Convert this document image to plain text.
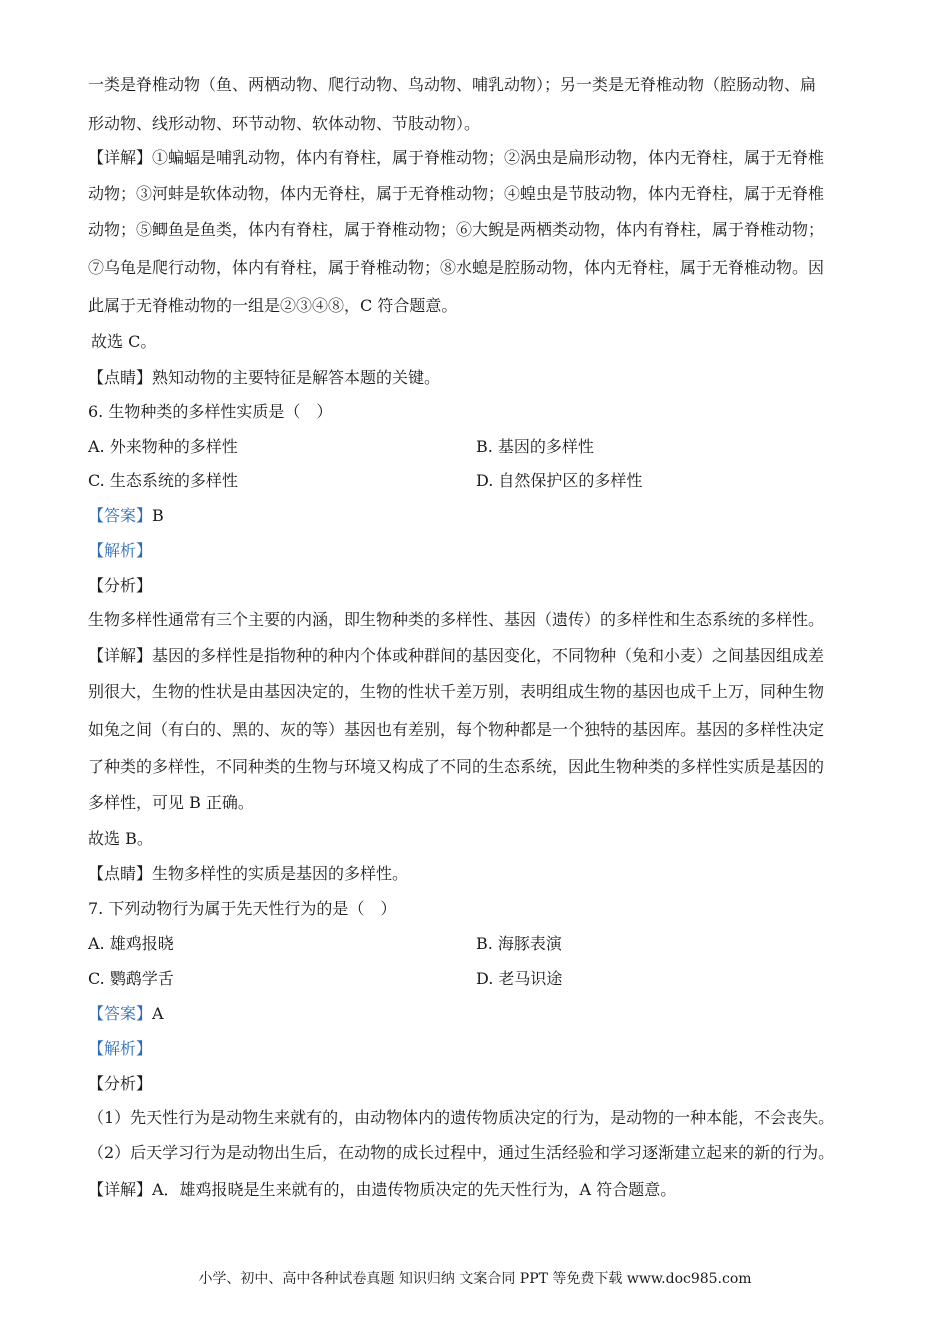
一类是脊椎动物（鱼、两栖动物、爬行动物、鸟动物、哺乳动物）；另一类是无脊椎动物（腔肠动物、扁
形动物、线形动物、环节动物、软体动物、节肢动物）。
【详解】①蝙蝠是哺乳动物，体内有脊柱，属于脊椎动物；②涡虫是扁形动物，体内无脊柱，属于无脊椎
动物；③河蚌是软体动物，体内无脊柱，属于无脊椎动物；④蝗虫是节肢动物，体内无脊柱，属于无脊椎
动物；⑤鲫鱼是鱼类，体内有脊柱，属于脊椎动物；⑥大鲵是两栖类动物，体内有脊柱，属于脊椎动物；
⑦乌龟是爬行动物，体内有脊柱，属于脊椎动物；⑧水螅是腔肠动物，体内无脊柱，属于无脊椎动物。因
此属于无脊椎动物的一组是②③④⑧，C 符合题意。
故选 C。
【点睛】熟知动物的主要特征是解答本题的关键。
6. 生物种类的多样性实质是（　）
A. 外来物种的多样性	B. 基因的多样性
C. 生态系统的多样性	D. 自然保护区的多样性
【答案】B
【解析】
【分析】
生物多样性通常有三个主要的内涵，即生物种类的多样性、基因（遗传）的多样性和生态系统的多样性。
【详解】基因的多样性是指物种的种内个体或种群间的基因变化，不同物种（兔和小麦）之间基因组成差
别很大，生物的性状是由基因决定的，生物的性状千差万别，表明组成生物的基因也成千上万，同种生物
如兔之间（有白的、黑的、灰的等）基因也有差别，每个物种都是一个独特的基因库。基因的多样性决定
了种类的多样性，不同种类的生物与环境又构成了不同的生态系统，因此生物种类的多样性实质是基因的
多样性，可见 B 正确。
故选 B。
【点睛】生物多样性的实质是基因的多样性。
7. 下列动物行为属于先天性行为的是（　）
A. 雄鸡报晓	B. 海豚表演
C. 鹦鹉学舌	D. 老马识途
【答案】A
【解析】
【分析】
（1）先天性行为是动物生来就有的，由动物体内的遗传物质决定的行为，是动物的一种本能，不会丧失。
（2）后天学习行为是动物出生后，在动物的成长过程中，通过生活经验和学习逐渐建立起来的新的行为。
【详解】A．雄鸡报晓是生来就有的，由遗传物质决定的先天性行为，A 符合题意。
小学、初中、高中各种试卷真题 知识归纳 文案合同 PPT 等免费下载 www.doc985.com
